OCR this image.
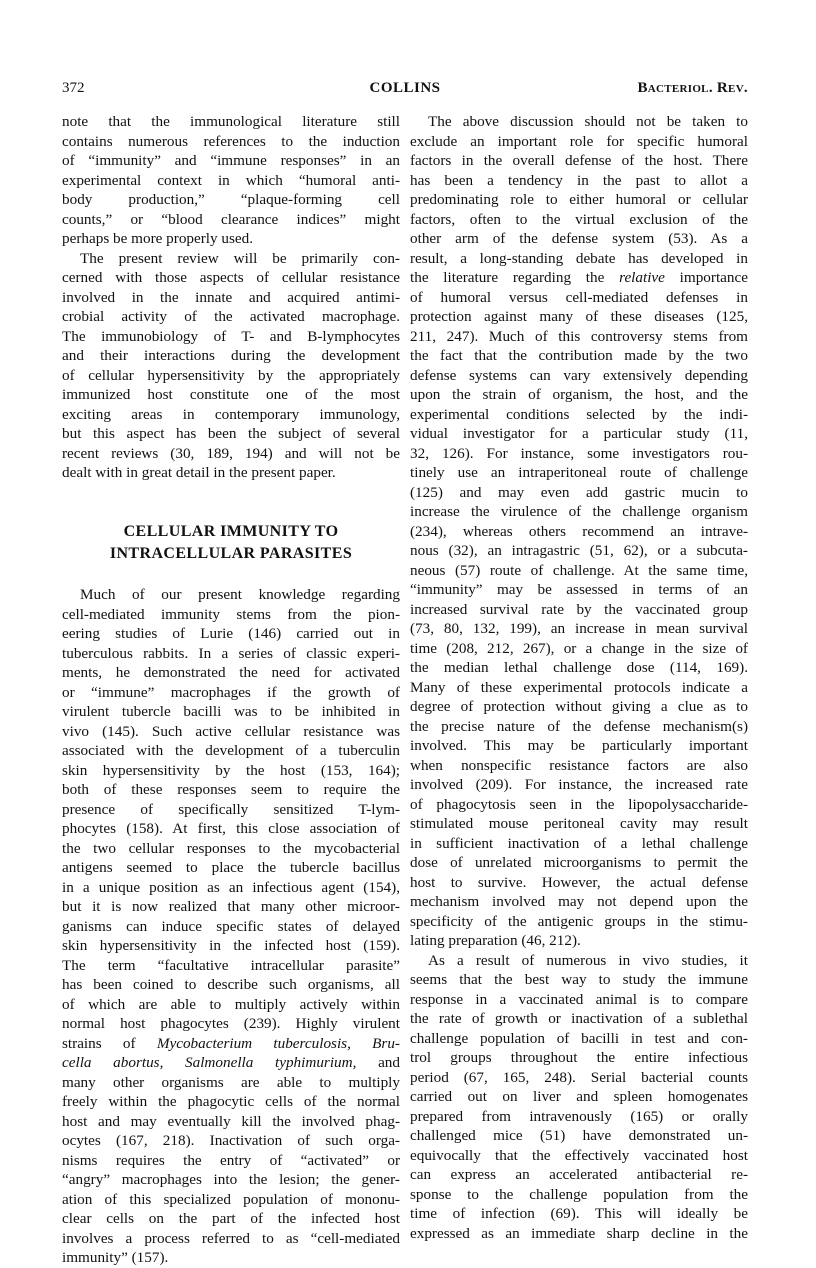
372	COLLINS	Bacteriol. Rev.
note that the immunological literature still
contains numerous references to the induction
of “immunity” and “immune responses” in an
experimental context in which “humoral anti-
body production,” “plaque-forming cell
counts,” or “blood clearance indices” might
perhaps be more properly used.
The present review will be primarily con-
cerned with those aspects of cellular resistance
involved in the innate and acquired antimi-
crobial activity of the activated macrophage.
The immunobiology of T- and B-lymphocytes
and their interactions during the development
of cellular hypersensitivity by the appropriately
immunized host constitute one of the most
exciting areas in contemporary immunology,
but this aspect has been the subject of several
recent reviews (30, 189, 194) and will not be
dealt with in great detail in the present paper.
CELLULAR IMMUNITY TO
INTRACELLULAR PARASITES
Much of our present knowledge regarding
cell-mediated immunity stems from the pion-
eering studies of Lurie (146) carried out in
tuberculous rabbits. In a series of classic experi-
ments, he demonstrated the need for activated
or “immune” macrophages if the growth of
virulent tubercle bacilli was to be inhibited in
vivo (145). Such active cellular resistance was
associated with the development of a tuberculin
skin hypersensitivity by the host (153, 164);
both of these responses seem to require the
presence of specifically sensitized T-lym-
phocytes (158). At first, this close association of
the two cellular responses to the mycobacterial
antigens seemed to place the tubercle bacillus
in a unique position as an infectious agent (154),
but it is now realized that many other microor-
ganisms can induce specific states of delayed
skin hypersensitivity in the infected host (159).
The term “facultative intracellular parasite”
has been coined to describe such organisms, all
of which are able to multiply actively within
normal host phagocytes (239). Highly virulent
strains of Mycobacterium tuberculosis, Bru-
cella abortus, Salmonella typhimurium, and
many other organisms are able to multiply
freely within the phagocytic cells of the normal
host and may eventually kill the involved phag-
ocytes (167, 218). Inactivation of such orga-
nisms requires the entry of “activated” or
“angry” macrophages into the lesion; the gener-
ation of this specialized population of mononu-
clear cells on the part of the infected host
involves a process referred to as “cell-mediated
immunity” (157).
The above discussion should not be taken to
exclude an important role for specific humoral
factors in the overall defense of the host. There
has been a tendency in the past to allot a
predominating role to either humoral or cellular
factors, often to the virtual exclusion of the
other arm of the defense system (53). As a
result, a long-standing debate has developed in
the literature regarding the relative importance
of humoral versus cell-mediated defenses in
protection against many of these diseases (125,
211, 247). Much of this controversy stems from
the fact that the contribution made by the two
defense systems can vary extensively depending
upon the strain of organism, the host, and the
experimental conditions selected by the indi-
vidual investigator for a particular study (11,
32, 126). For instance, some investigators rou-
tinely use an intraperitoneal route of challenge
(125) and may even add gastric mucin to
increase the virulence of the challenge organism
(234), whereas others recommend an intrave-
nous (32), an intragastric (51, 62), or a subcuta-
neous (57) route of challenge. At the same time,
“immunity” may be assessed in terms of an
increased survival rate by the vaccinated group
(73, 80, 132, 199), an increase in mean survival
time (208, 212, 267), or a change in the size of
the median lethal challenge dose (114, 169).
Many of these experimental protocols indicate a
degree of protection without giving a clue as to
the precise nature of the defense mechanism(s)
involved. This may be particularly important
when nonspecific resistance factors are also
involved (209). For instance, the increased rate
of phagocytosis seen in the lipopolysaccharide-
stimulated mouse peritoneal cavity may result
in sufficient inactivation of a lethal challenge
dose of unrelated microorganisms to permit the
host to survive. However, the actual defense
mechanism involved may not depend upon the
specificity of the antigenic groups in the stimu-
lating preparation (46, 212).
As a result of numerous in vivo studies, it
seems that the best way to study the immune
response in a vaccinated animal is to compare
the rate of growth or inactivation of a sublethal
challenge population of bacilli in test and con-
trol groups throughout the entire infectious
period (67, 165, 248). Serial bacterial counts
carried out on liver and spleen homogenates
prepared from intravenously (165) or orally
challenged mice (51) have demonstrated un-
equivocally that the effectively vaccinated host
can express an accelerated antibacterial re-
sponse to the challenge population from the
time of infection (69). This will ideally be
expressed as an immediate sharp decline in the
